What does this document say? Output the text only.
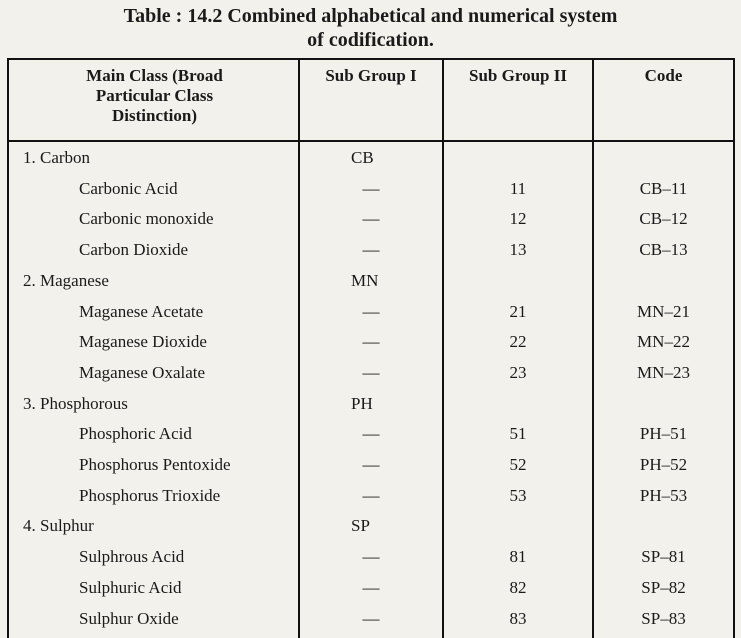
Table : 14.2 Combined alphabetical and numerical system
of codification.
Main Class (Broad
Particular Class
Distinction)
Sub Group I	Sub Group II	Code
1. Carbon	CB
Carbonic Acid	—	11	CB–11
Carbonic monoxide	—	12	CB–12
Carbon Dioxide	—	13	CB–13
2. Maganese	MN
Maganese Acetate	—	21	MN–21
Maganese Dioxide	—	22	MN–22
Maganese Oxalate	—	23	MN–23
3. Phosphorous	PH
Phosphoric Acid	—	51	PH–51
Phosphorus Pentoxide	—	52	PH–52
Phosphorus Trioxide	—	53	PH–53
4. Sulphur	SP
Sulphrous Acid	—	81	SP–81
Sulphuric Acid	—	82	SP–82
Sulphur Oxide	—	83	SP–83
